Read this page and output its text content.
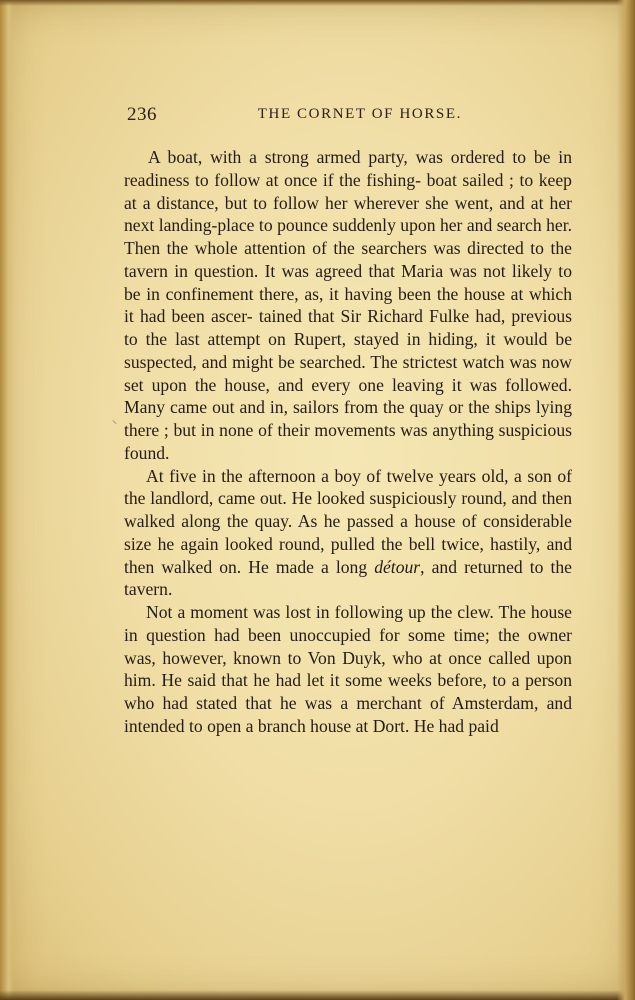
236	THE CORNET OF HORSE.
⸜

A boat, with a strong armed party, was ordered to be in readiness to follow at once if the fishing- boat sailed ; to keep at a distance, but to follow her wherever she went, and at her next landing-place to pounce suddenly upon her and search her. Then the whole attention of the searchers was directed to the tavern in question. It was agreed that Maria was not likely to be in confinement there, as, it having been the house at which it had been ascer- tained that Sir Richard Fulke had, previous to the last attempt on Rupert, stayed in hiding, it would be suspected, and might be searched. The strictest watch was now set upon the house, and every one leaving it was followed. Many came out and in, sailors from the quay or the ships lying there ; but in none of their movements was anything suspicious found.

At five in the afternoon a boy of twelve years old, a son of the landlord, came out. He looked suspiciously round, and then walked along the quay. As he passed a house of considerable size he again looked round, pulled the bell twice, hastily, and then walked on. He made a long détour, and returned to the tavern.

Not a moment was lost in following up the clew. The house in question had been unoccupied for some time; the owner was, however, known to Von Duyk, who at once called upon him. He said that he had let it some weeks before, to a person who had stated that he was a merchant of Amsterdam, and intended to open a branch house at Dort. He had paid
